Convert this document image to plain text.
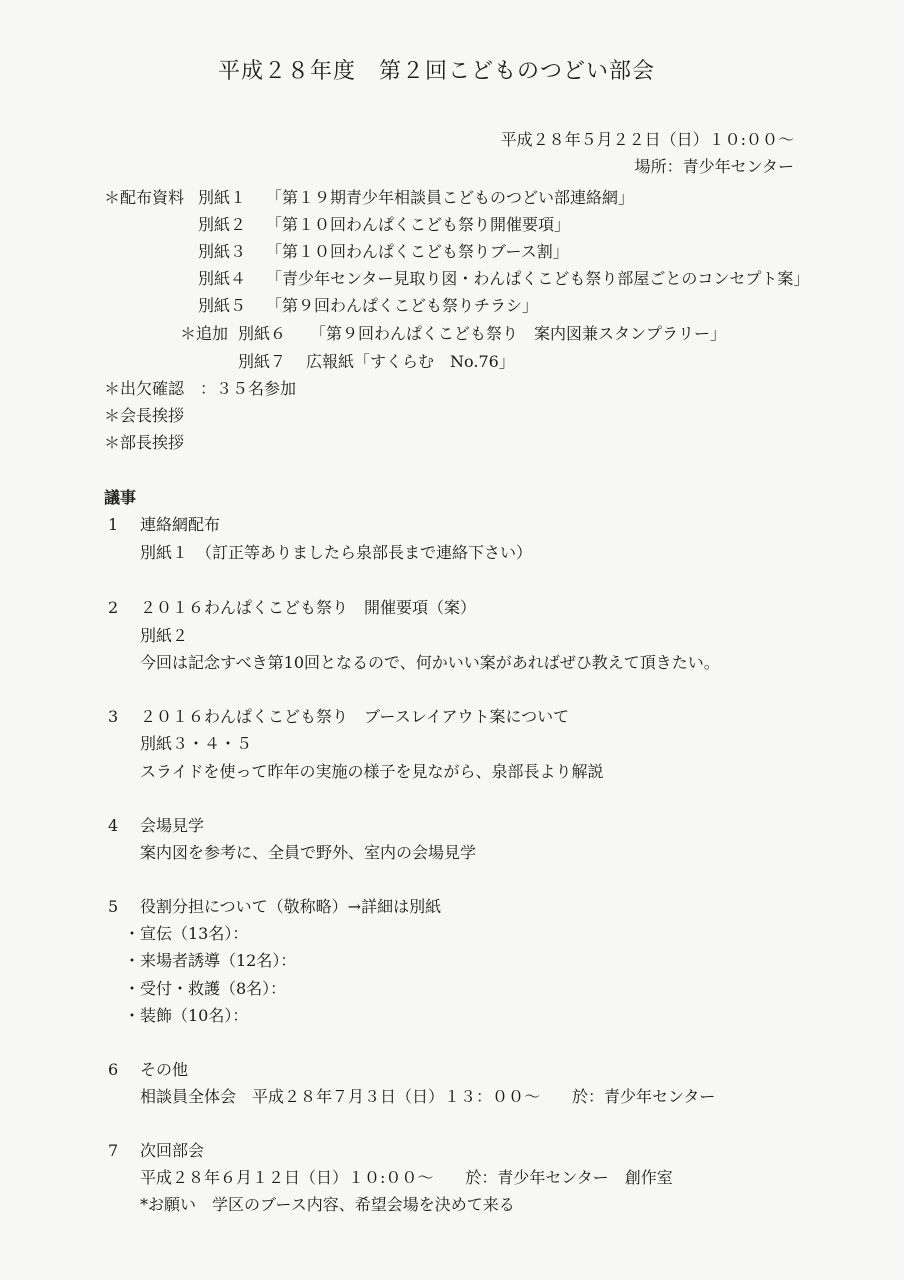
平成２８年度　第２回こどものつどい部会
平成２８年５月２２日（日）１０:００～
場所：青少年センター
＊配布資料 別紙１ 「第１９期青少年相談員こどものつどい部連絡網」
別紙２ 「第１０回わんぱくこども祭り開催要項」
別紙３ 「第１０回わんぱくこども祭りブース割」
別紙４ 「青少年センター見取り図・わんぱくこども祭り部屋ごとのコンセプト案」
別紙５ 「第９回わんぱくこども祭りチラシ」
＊追加 別紙６ 「第９回わんぱくこども祭り　案内図兼スタンプラリー」
別紙７ 広報紙「すくらむ　No.76」
＊出欠確認　：３５名参加
＊会長挨拶
＊部長挨拶
議事
1 連絡網配布
別紙１　（訂正等ありましたら泉部長まで連絡下さい）
2 ２０１６わんぱくこども祭り　開催要項（案）
別紙２
今回は記念すべき第10回となるので、何かいい案があればぜひ教えて頂きたい。
3 ２０１６わんぱくこども祭り　ブースレイアウト案について
別紙３・４・５
スライドを使って昨年の実施の様子を見ながら、泉部長より解説
4 会場見学
案内図を参考に、全員で野外、室内の会場見学
5 役割分担について（敬称略）→詳細は別紙
・宣伝（13名）：
・来場者誘導（12名）：
・受付・救護（8名）：
・装飾（10名）：
6 その他
相談員全体会　平成２８年７月３日（日）１３：００～　　於：青少年センター
7 次回部会
平成２８年６月１２日（日）１０:００～　　於：青少年センター　創作室
*お願い　学区のブース内容、希望会場を決めて来る
